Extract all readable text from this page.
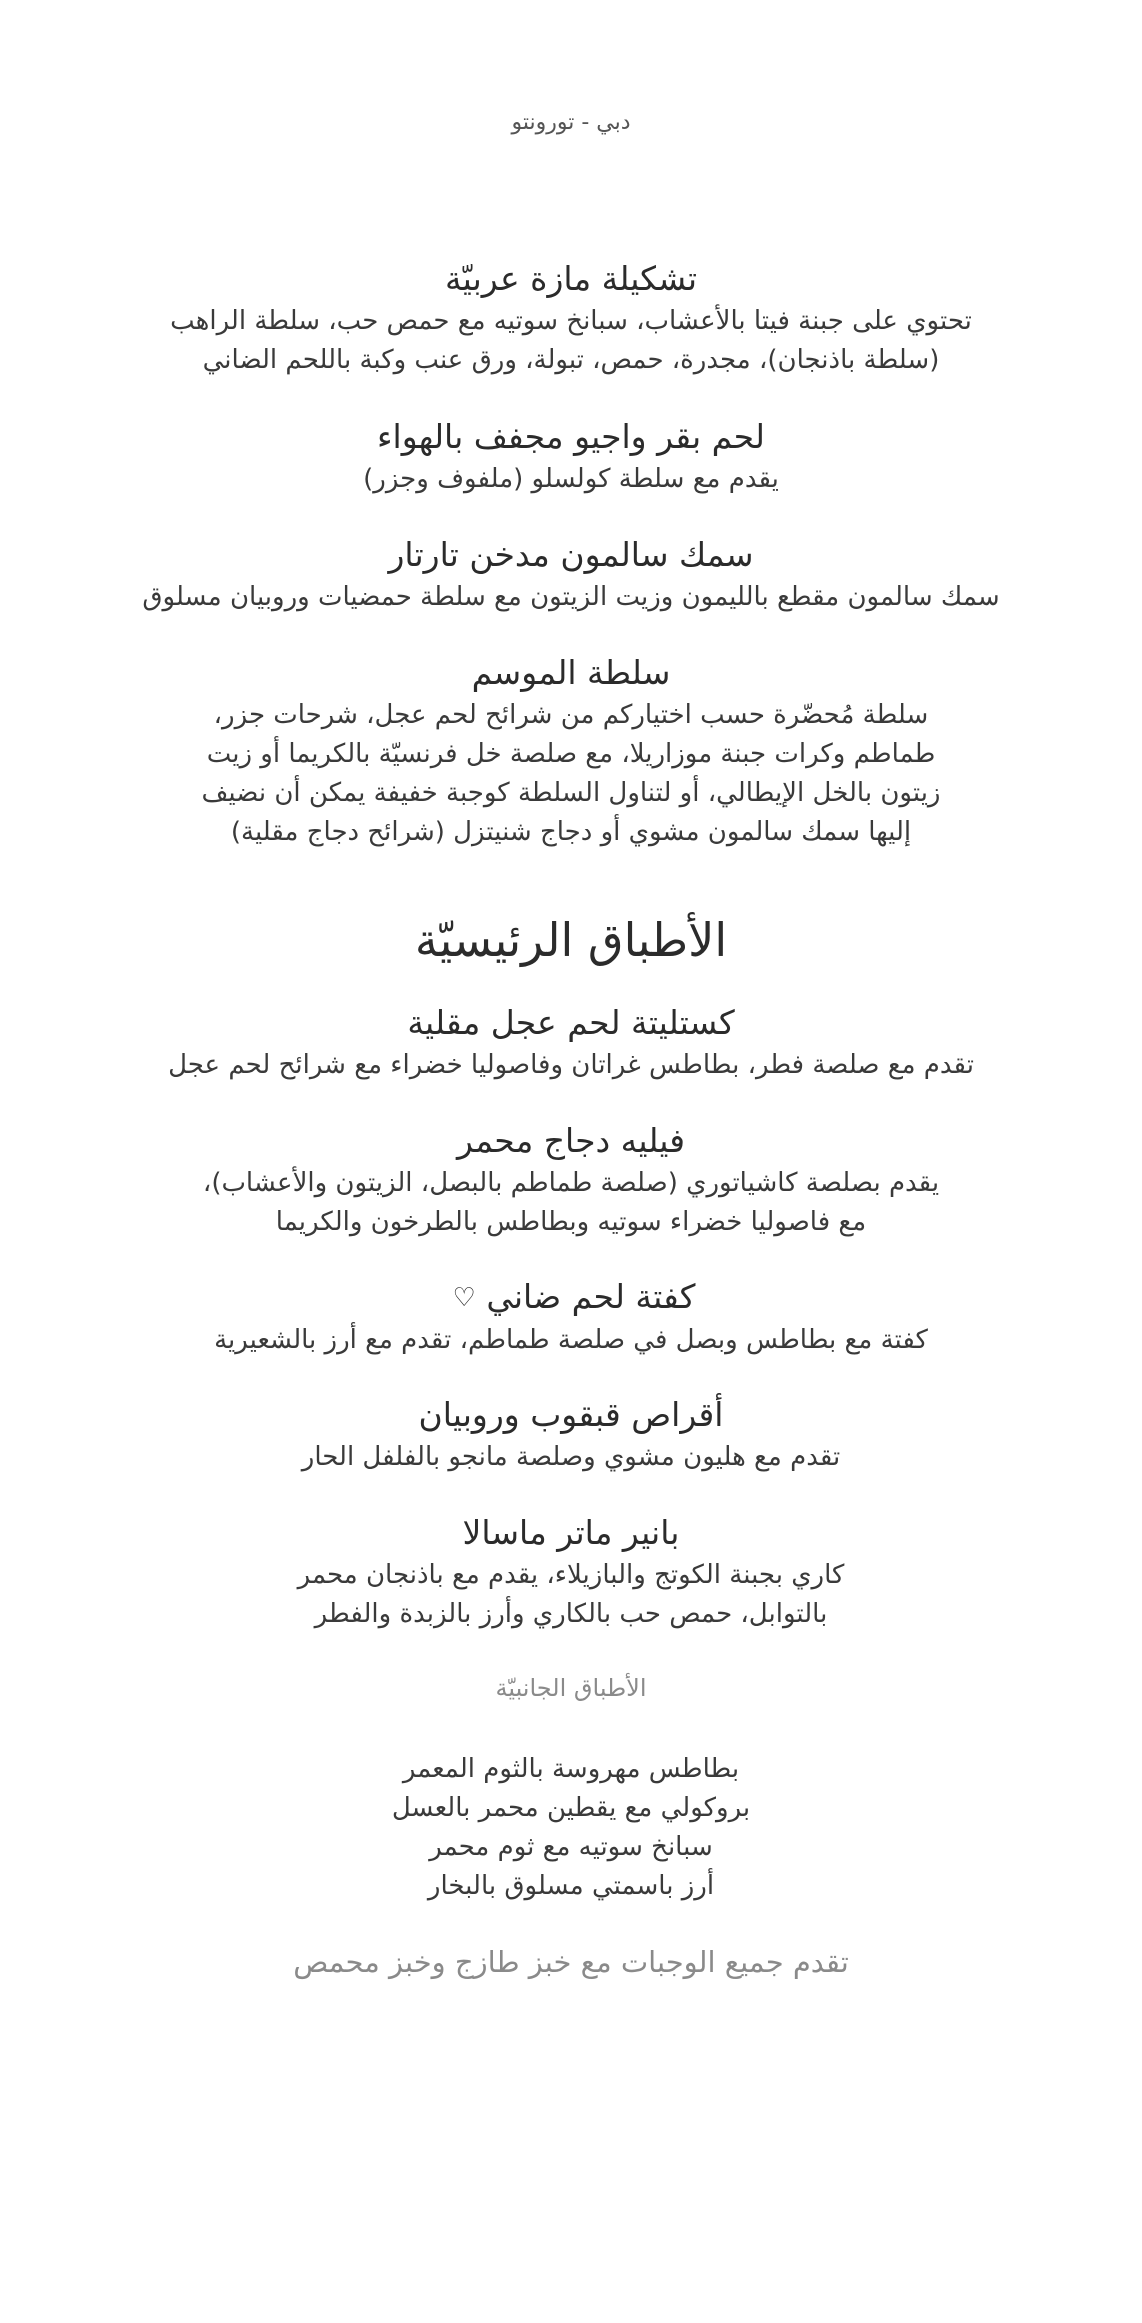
دبي - تورونتو
تشكيلة مازة عربيّة
تحتوي على جبنة فيتا بالأعشاب، سبانخ سوتيه مع حمص حب، سلطة الراهب
(سلطة باذنجان)، مجدرة، حمص، تبولة، ورق عنب وكبة باللحم الضاني
لحم بقر واجيو مجفف بالهواء
يقدم مع سلطة كولسلو (ملفوف وجزر)
سمك سالمون مدخن تارتار
سمك سالمون مقطع بالليمون وزيت الزيتون مع سلطة حمضيات وروبيان مسلوق
سلطة الموسم
سلطة مُحضّرة حسب اختياركم من شرائح لحم عجل، شرحات جزر،
طماطم وكرات جبنة موزاريلا، مع صلصة خل فرنسيّة بالكريما أو زيت
زيتون بالخل الإيطالي، أو لتناول السلطة كوجبة خفيفة يمكن أن نضيف
إليها سمك سالمون مشوي أو دجاج شنيتزل (شرائح دجاج مقلية)
الأطباق الرئيسيّة
كستليتة لحم عجل مقلية
تقدم مع صلصة فطر، بطاطس غراتان وفاصوليا خضراء مع شرائح لحم عجل
فيليه دجاج محمر
يقدم بصلصة كاشياتوري (صلصة طماطم بالبصل، الزيتون والأعشاب)،
مع فاصوليا خضراء سوتيه وبطاطس بالطرخون والكريما
كفتة لحم ضاني ♡
كفتة مع بطاطس وبصل في صلصة طماطم، تقدم مع أرز بالشعيرية
أقراص قبقوب وروبيان
تقدم مع هليون مشوي وصلصة مانجو بالفلفل الحار
بانير ماتر ماسالا
كاري بجبنة الكوتج والبازيلاء، يقدم مع باذنجان محمر
بالتوابل، حمص حب بالكاري وأرز بالزبدة والفطر
الأطباق الجانبيّة
بطاطس مهروسة بالثوم المعمر
بروكولي مع يقطين محمر بالعسل
سبانخ سوتيه مع ثوم محمر
أرز باسمتي مسلوق بالبخار
تقدم جميع الوجبات مع خبز طازج وخبز محمص
